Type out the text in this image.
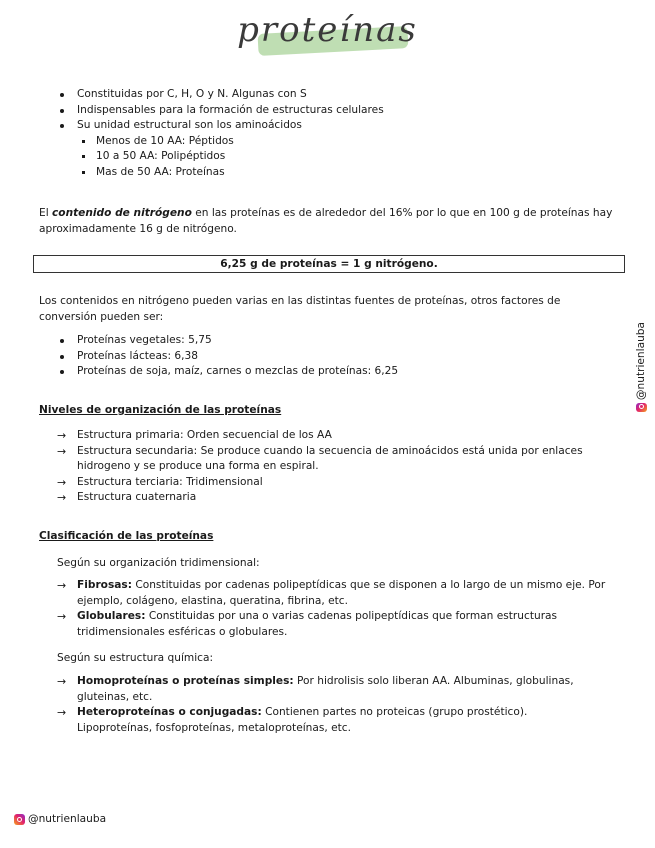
proteínas
Constituidas por C, H, O y N. Algunas con S
Indispensables para la formación de estructuras celulares
Su unidad estructural son los aminoácidos
Menos de 10 AA: Péptidos
10 a 50 AA: Polipéptidos
Mas de 50 AA: Proteínas
El contenido de nitrógeno en las proteínas es de alrededor del 16% por lo que en 100 g de proteínas hay aproximadamente 16 g de nitrógeno.
6,25 g de proteínas = 1 g nitrógeno.
Los contenidos en nitrógeno pueden varias en las distintas fuentes de proteínas, otros factores de conversión pueden ser:
Proteínas vegetales: 5,75
Proteínas lácteas: 6,38
Proteínas de soja, maíz, carnes o mezclas de proteínas: 6,25
Niveles de organización de las proteínas
→ Estructura primaria: Orden secuencial de los AA
→ Estructura secundaria: Se produce cuando la secuencia de aminoácidos está unida por enlaces hidrogeno y se produce una forma en espiral.
→ Estructura terciaria: Tridimensional
→ Estructura cuaternaria
Clasificación de las proteínas
Según su organización tridimensional:
→ Fibrosas: Constituidas por cadenas polipeptídicas que se disponen a lo largo de un mismo eje. Por ejemplo, colágeno, elastina, queratina, fibrina, etc.
→ Globulares: Constituidas por una o varias cadenas polipeptídicas que forman estructuras tridimensionales esféricas o globulares.
Según su estructura química:
→ Homoproteínas o proteínas simples: Por hidrolisis solo liberan AA. Albuminas, globulinas, gluteinas, etc.
→ Heteroproteínas o conjugadas: Contienen partes no proteicas (grupo prostético). Lipoproteínas, fosfoproteínas, metaloproteínas, etc.
@nutrienlauba
@nutrienlauba
